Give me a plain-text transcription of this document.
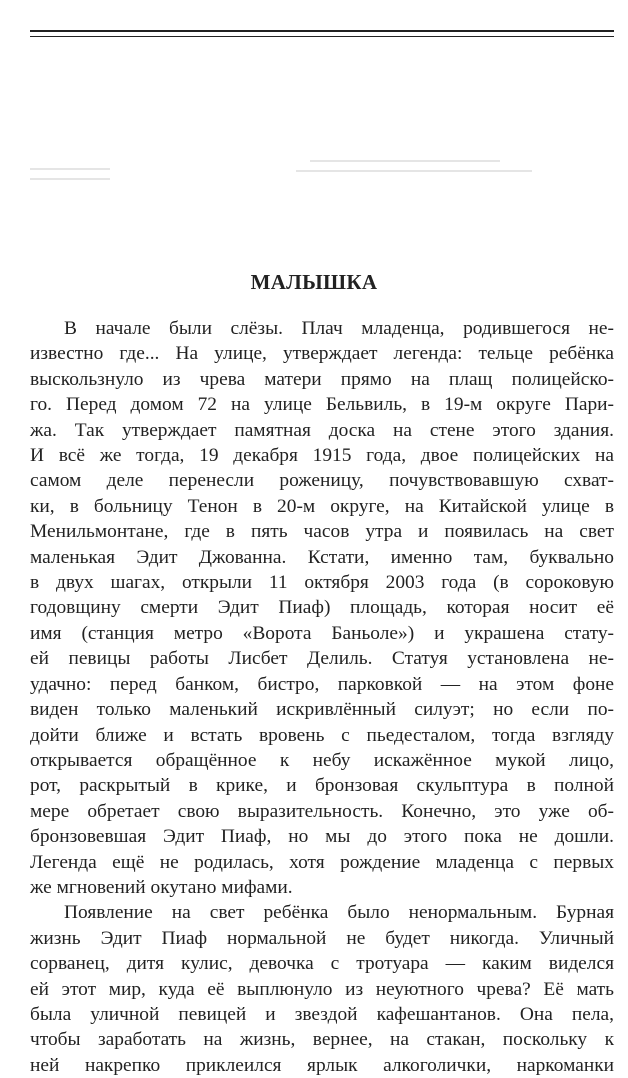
МАЛЫШКА

В начале были слёзы. Плач младенца, родившегося не-
известно где... На улице, утверждает легенда: тельце ребёнка
выскользнуло из чрева матери прямо на плащ полицейско-
го. Перед домом 72 на улице Бельвиль, в 19-м округе Пари-
жа. Так утверждает памятная доска на стене этого здания.
И всё же тогда, 19 декабря 1915 года, двое полицейских на
самом деле перенесли роженицу, почувствовавшую схват-
ки, в больницу Тенон в 20-м округе, на Китайской улице в
Менильмонтане, где в пять часов утра и появилась на свет
маленькая Эдит Джованна. Кстати, именно там, буквально
в двух шагах, открыли 11 октября 2003 года (в сороковую
годовщину смерти Эдит Пиаф) площадь, которая носит её
имя (станция метро «Ворота Баньоле») и украшена стату-
ей певицы работы Лисбет Делиль. Статуя установлена не-
удачно: перед банком, бистро, парковкой — на этом фоне
виден только маленький искривлённый силуэт; но если по-
дойти ближе и встать вровень с пьедесталом, тогда взгляду
открывается обращённое к небу искажённое мукой лицо,
рот, раскрытый в крике, и бронзовая скульптура в полной
мере обретает свою выразительность. Конечно, это уже об-
бронзовевшая Эдит Пиаф, но мы до этого пока не дошли.
Легенда ещё не родилась, хотя рождение младенца с первых
же мгновений окутано мифами.

Появление на свет ребёнка было ненормальным. Бурная
жизнь Эдит Пиаф нормальной не будет никогда. Уличный
сорванец, дитя кулис, девочка с тротуара — каким виделся
ей этот мир, куда её выплюнуло из неуютного чрева? Её мать
была уличной певицей и звездой кафешантанов. Она пела,
чтобы заработать на жизнь, вернее, на стакан, поскольку к
ней накрепко приклеился ярлык алкоголички, наркоманки
